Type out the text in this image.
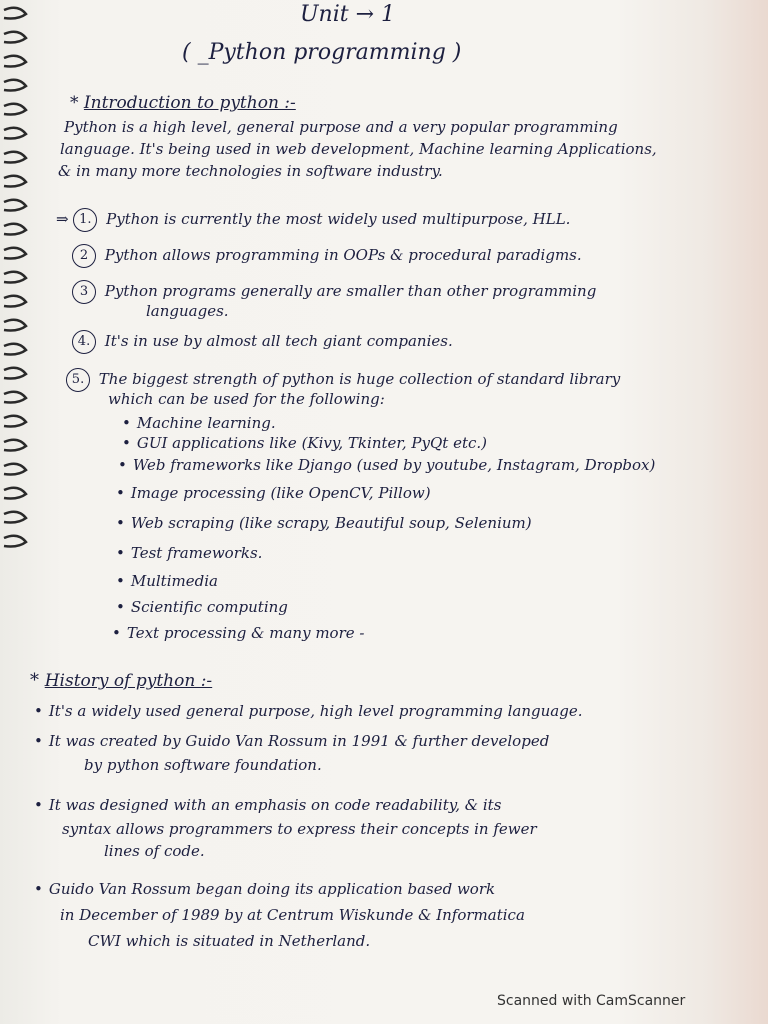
Unit → 1
( _Python programming )
* Introduction to python :-
Python is a high level, general purpose and a very popular programming
language. It's being used in web development, Machine learning Applications,
& in many more technologies in software industry.
⇒ 1. Python is currently the most widely used multipurpose, HLL.
2 Python allows programming in OOPs & procedural paradigms.
3 Python programs generally are smaller than other programming
languages.
4. It's in use by almost all tech giant companies.
5. The biggest strength of python is huge collection of standard library
which can be used for the following:
• Machine learning.
• GUI applications like (Kivy, Tkinter, PyQt etc.)
• Web frameworks like Django (used by youtube, Instagram, Dropbox)
• Image processing (like OpenCV, Pillow)
• Web scraping (like scrapy, Beautiful soup, Selenium)
• Test frameworks.
• Multimedia
• Scientific computing
• Text processing & many more -
* History of python :-
• It's a widely used general purpose, high level programming language.
• It was created by Guido Van Rossum in 1991 & further developed
by python software foundation.
• It was designed with an emphasis on code readability, & its
syntax allows programmers to express their concepts in fewer
lines of code.
• Guido Van Rossum began doing its application based work
in December of 1989 by at Centrum Wiskunde & Informatica
CWI which is situated in Netherland.
Scanned with CamScanner
